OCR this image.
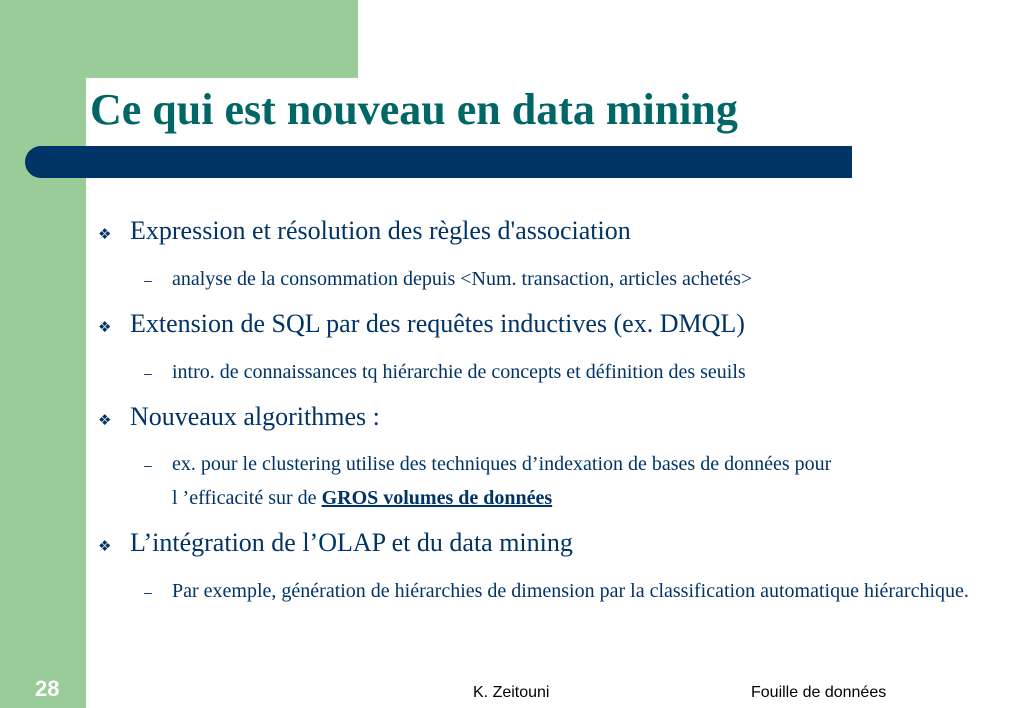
Ce qui est nouveau en data mining
❖ Expression et résolution des règles d'association
–	analyse de la consommation depuis <Num. transaction, articles achetés>
❖ Extension de SQL par des requêtes inductives (ex. DMQL)
–	intro. de connaissances tq hiérarchie de concepts et définition des seuils
❖ Nouveaux algorithmes :
–	ex. pour le clustering utilise des techniques d’indexation de bases de données pour
l ’efficacité sur de GROS volumes de données
❖ L’intégration de l’OLAP et du data mining
–	Par exemple, génération de hiérarchies de dimension par la classification automatique hiérarchique.
28	K. Zeitouni	Fouille de données
